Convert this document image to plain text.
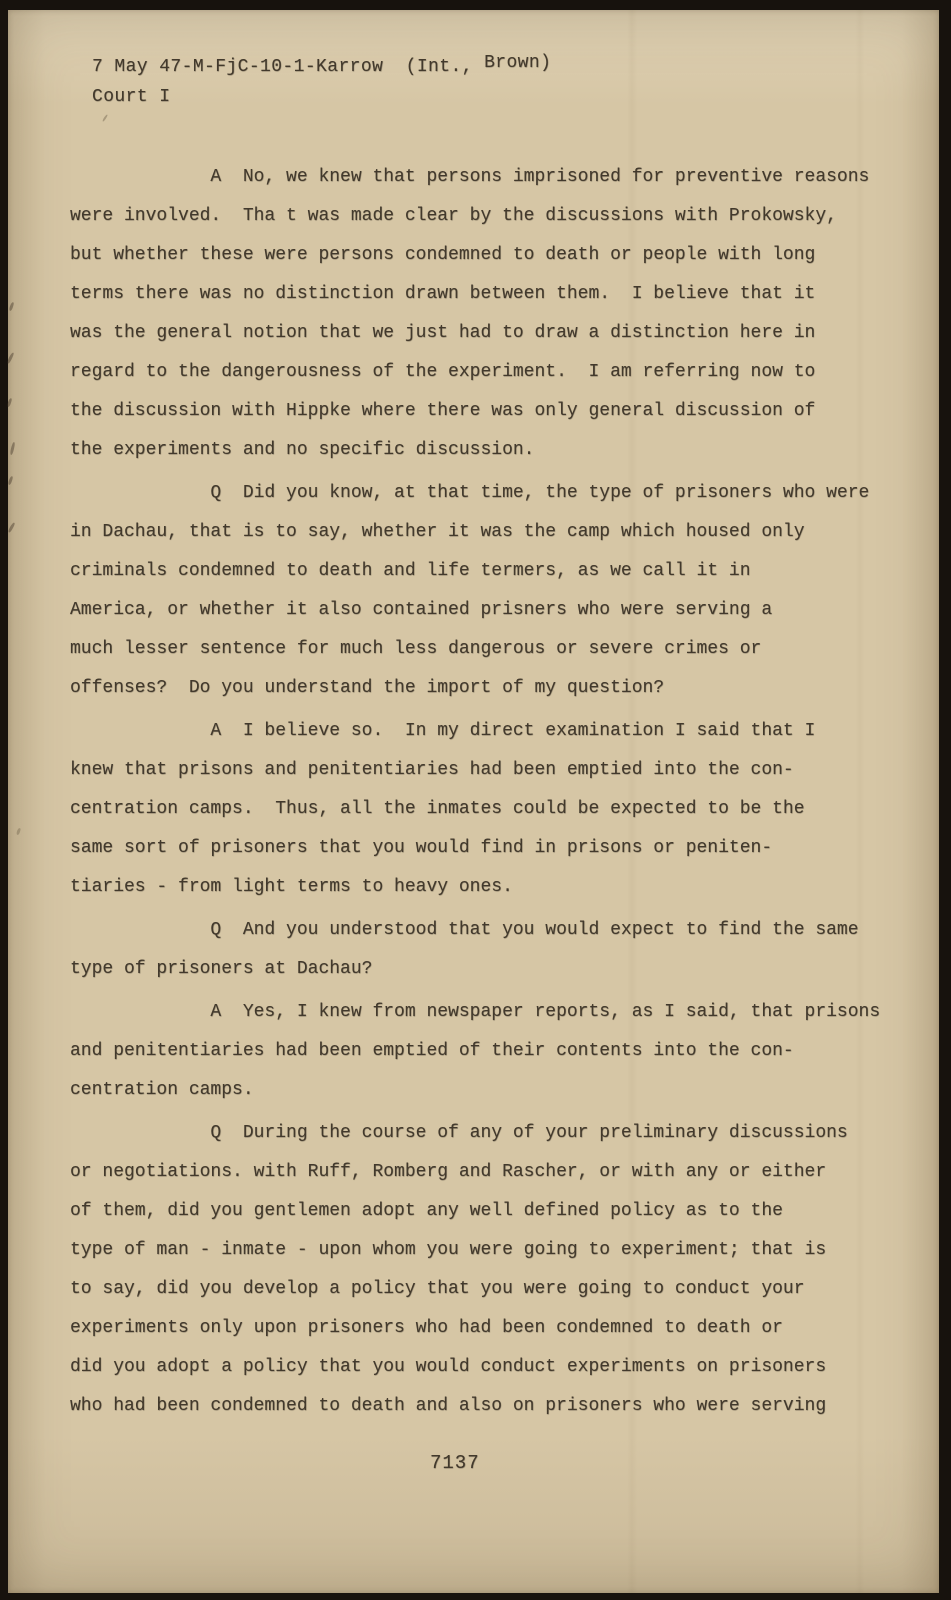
7 May 47-M-FjC-10-1-Karrow  (Int., Brown)
Court I
A  No, we knew that persons imprisoned for preventive reasons
were involved.  Tha t was made clear by the discussions with Prokowsky,
but whether these were persons condemned to death or people with long
terms there was no distinction drawn between them.  I believe that it
was the general notion that we just had to draw a distinction here in
regard to the dangerousness of the experiment.  I am referring now to
the discussion with Hippke where there was only general discussion of
the experiments and no specific discussion.
Q  Did you know, at that time, the type of prisoners who were
in Dachau, that is to say, whether it was the camp which housed only
criminals condemned to death and life termers, as we call it in
America, or whether it also contained prisners who were serving a
much lesser sentence for much less dangerous or severe crimes or
offenses?  Do you understand the import of my question?
A  I believe so.  In my direct examination I said that I
knew that prisons and penitentiaries had been emptied into the con-
centration camps.  Thus, all the inmates could be expected to be the
same sort of prisoners that you would find in prisons or peniten-
tiaries - from light terms to heavy ones.
Q  And you understood that you would expect to find the same
type of prisoners at Dachau?
A  Yes, I knew from newspaper reports, as I said, that prisons
and penitentiaries had been emptied of their contents into the con-
centration camps.
Q  During the course of any of your preliminary discussions
or negotiations. with Ruff, Romberg and Rascher, or with any or either
of them, did you gentlemen adopt any well defined policy as to the
type of man - inmate - upon whom you were going to experiment; that is
to say, did you develop a policy that you were going to conduct your
experiments only upon prisoners who had been condemned to death or
did you adopt a policy that you would conduct experiments on prisoners
who had been condemned to death and also on prisoners who were serving
7137
